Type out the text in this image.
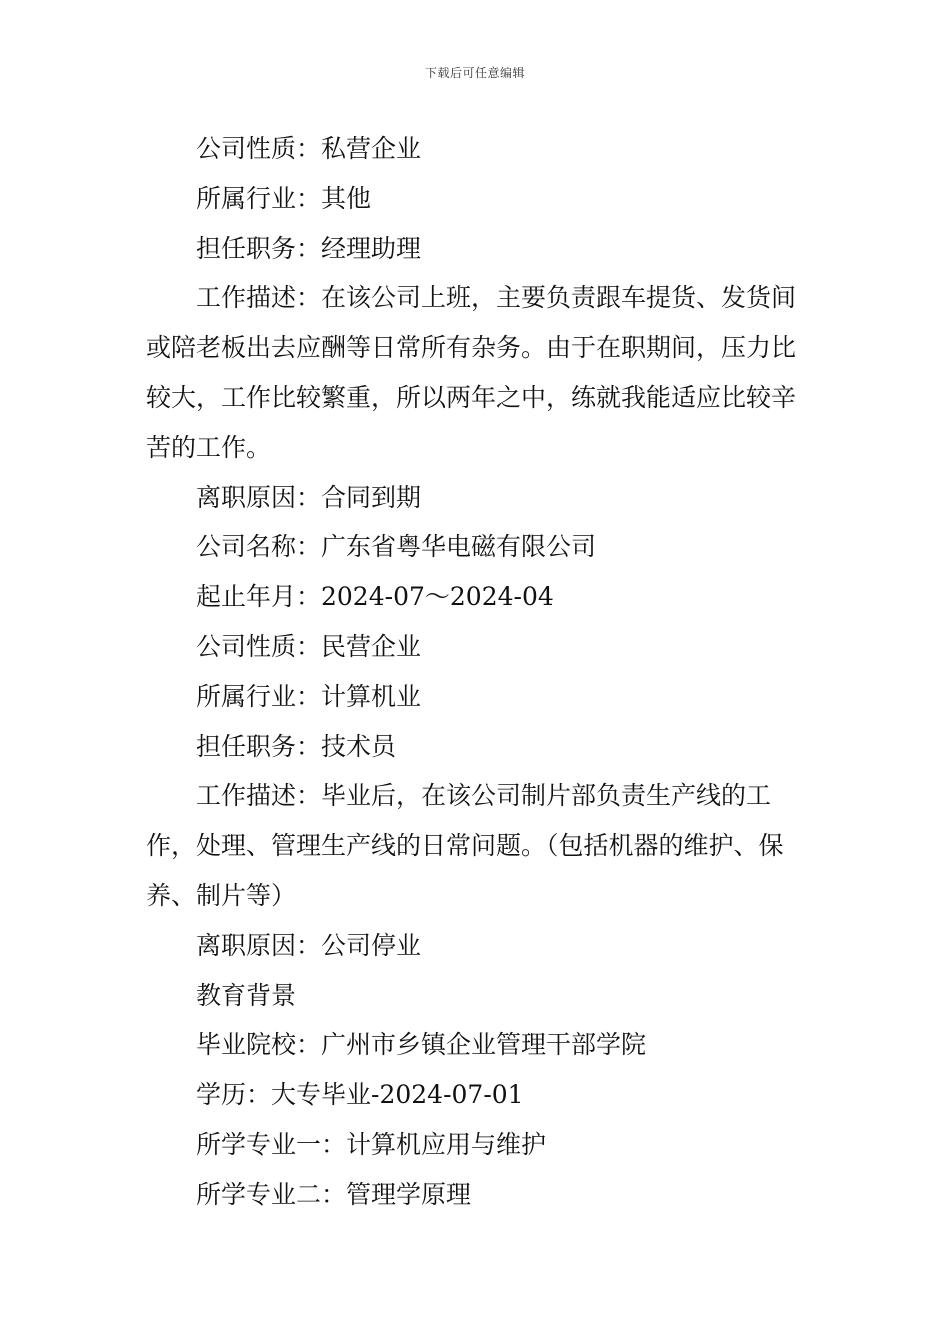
下载后可任意编辑

公司性质：私营企业

所属行业：其他

担任职务：经理助理

工作描述：在该公司上班，主要负责跟车提货、发货间或陪老板出去应酬等日常所有杂务。由于在职期间，压力比较大，工作比较繁重，所以两年之中，练就我能适应比较辛苦的工作。

离职原因：合同到期

公司名称：广东省粤华电磁有限公司

起止年月：2024-07～2024-04

公司性质：民营企业

所属行业：计算机业

担任职务：技术员

工作描述：毕业后，在该公司制片部负责生产线的工作，处理、管理生产线的日常问题。（包括机器的维护、保养、制片等）

离职原因：公司停业

教育背景

毕业院校：广州市乡镇企业管理干部学院

学历：大专毕业-2024-07-01

所学专业一：计算机应用与维护

所学专业二：管理学原理
